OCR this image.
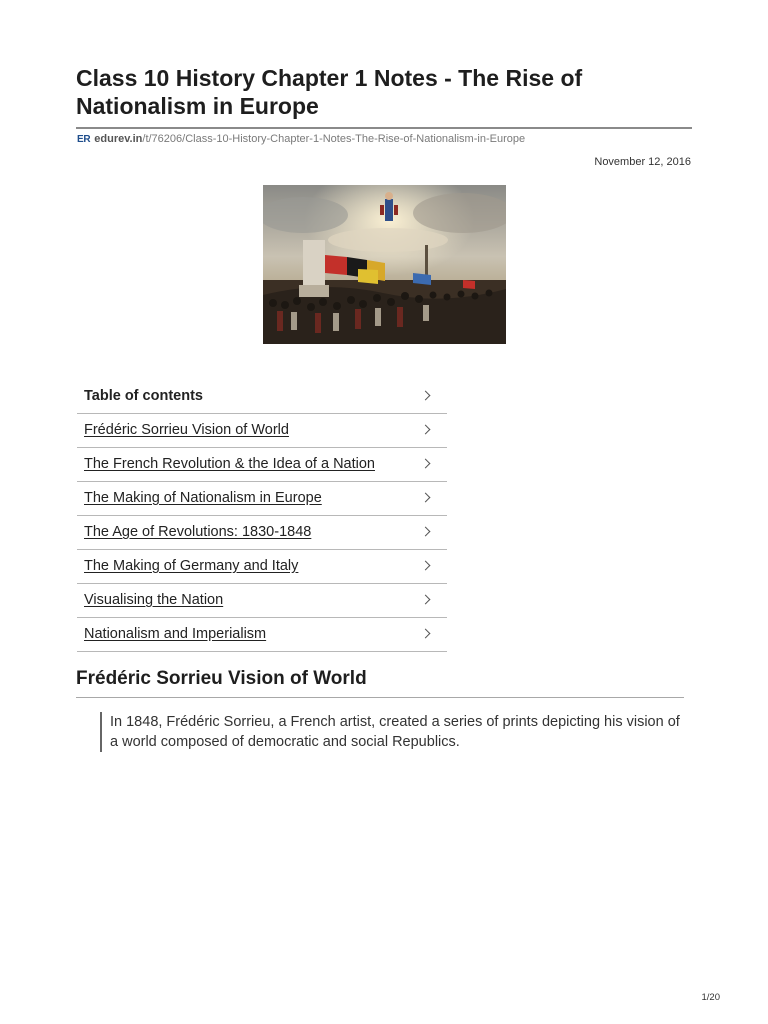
Class 10 History Chapter 1 Notes - The Rise of Nationalism in Europe
ER edurev.in/t/76206/Class-10-History-Chapter-1-Notes-The-Rise-of-Nationalism-in-Europe
November 12, 2016
Table of contents
Frédéric Sorrieu Vision of World
The French Revolution & the Idea of a Nation
The Making of Nationalism in Europe
The Age of Revolutions: 1830-1848
The Making of Germany and Italy
Visualising the Nation
Nationalism and Imperialism
Frédéric Sorrieu Vision of World
In 1848, Frédéric Sorrieu, a French artist, created a series of prints depicting his vision of a world composed of democratic and social Republics.
1/20
